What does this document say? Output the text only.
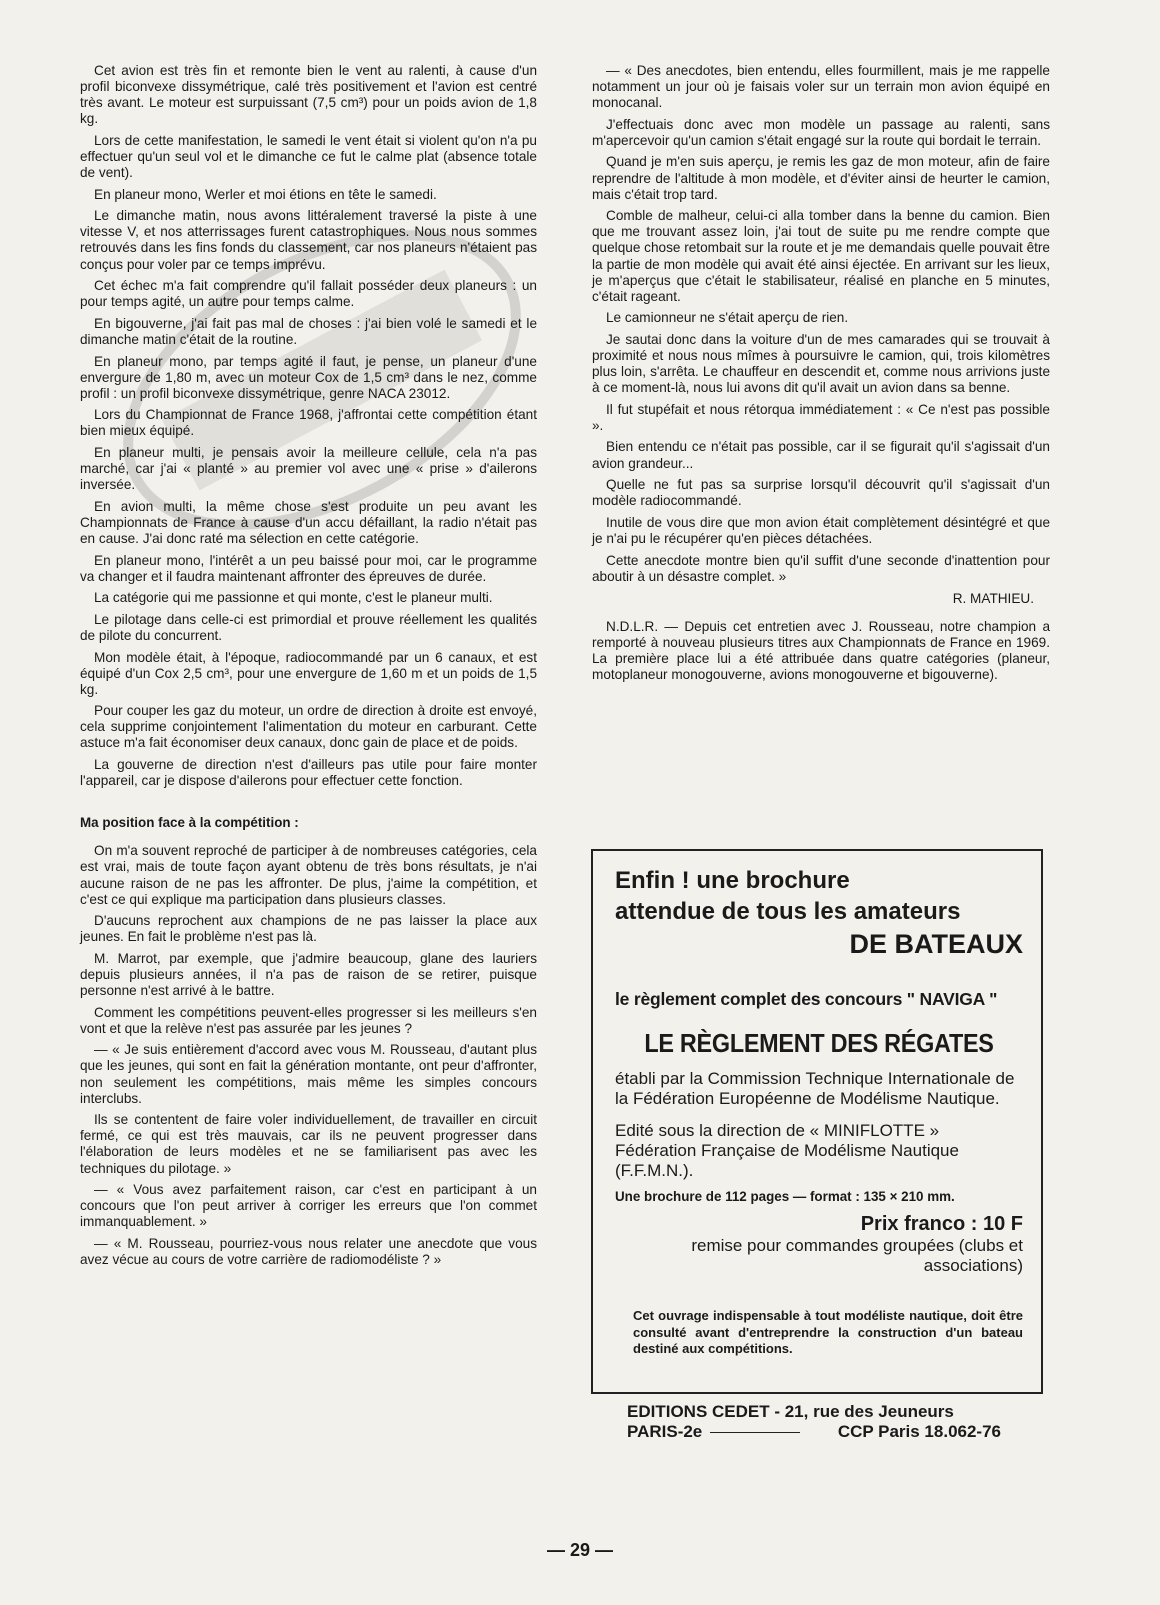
Cet avion est très fin et remonte bien le vent au ralenti, à cause d'un profil biconvexe dissymétrique, calé très positivement et l'avion est centré très avant. Le moteur est surpuissant (7,5 cm³) pour un poids avion de 1,8 kg.

Lors de cette manifestation, le samedi le vent était si violent qu'on n'a pu effectuer qu'un seul vol et le dimanche ce fut le calme plat (absence totale de vent).

En planeur mono, Werler et moi étions en tête le samedi.

Le dimanche matin, nous avons littéralement traversé la piste à une vitesse V, et nos atterrissages furent catastrophiques. Nous nous sommes retrouvés dans les fins fonds du classement, car nos planeurs n'étaient pas conçus pour voler par ce temps imprévu.

Cet échec m'a fait comprendre qu'il fallait posséder deux planeurs : un pour temps agité, un autre pour temps calme.

En bigouverne, j'ai fait pas mal de choses : j'ai bien volé le samedi et le dimanche matin c'était de la routine.

En planeur mono, par temps agité il faut, je pense, un planeur d'une envergure de 1,80 m, avec un moteur Cox de 1,5 cm³ dans le nez, comme profil : un profil biconvexe dissymétrique, genre NACA 23012.

Lors du Championnat de France 1968, j'affrontai cette compétition étant bien mieux équipé.

En planeur multi, je pensais avoir la meilleure cellule, cela n'a pas marché, car j'ai « planté » au premier vol avec une « prise » d'ailerons inversée.

En avion multi, la même chose s'est produite un peu avant les Championnats de France à cause d'un accu défaillant, la radio n'était pas en cause. J'ai donc raté ma sélection en cette catégorie.

En planeur mono, l'intérêt a un peu baissé pour moi, car le programme va changer et il faudra maintenant affronter des épreuves de durée.

La catégorie qui me passionne et qui monte, c'est le planeur multi.

Le pilotage dans celle-ci est primordial et prouve réellement les qualités de pilote du concurrent.

Mon modèle était, à l'époque, radiocommandé par un 6 canaux, et est équipé d'un Cox 2,5 cm³, pour une envergure de 1,60 m et un poids de 1,5 kg.

Pour couper les gaz du moteur, un ordre de direction à droite est envoyé, cela supprime conjointement l'alimentation du moteur en carburant. Cette astuce m'a fait économiser deux canaux, donc gain de place et de poids.

La gouverne de direction n'est d'ailleurs pas utile pour faire monter l'appareil, car je dispose d'ailerons pour effectuer cette fonction.

Ma position face à la compétition :

On m'a souvent reproché de participer à de nombreuses catégories, cela est vrai, mais de toute façon ayant obtenu de très bons résultats, je n'ai aucune raison de ne pas les affronter. De plus, j'aime la compétition, et c'est ce qui explique ma participation dans plusieurs classes.

D'aucuns reprochent aux champions de ne pas laisser la place aux jeunes. En fait le problème n'est pas là.

M. Marrot, par exemple, que j'admire beaucoup, glane des lauriers depuis plusieurs années, il n'a pas de raison de se retirer, puisque personne n'est arrivé à le battre.

Comment les compétitions peuvent-elles progresser si les meilleurs s'en vont et que la relève n'est pas assurée par les jeunes ?

— « Je suis entièrement d'accord avec vous M. Rousseau, d'autant plus que les jeunes, qui sont en fait la génération montante, ont peur d'affronter, non seulement les compétitions, mais même les simples concours interclubs.

Ils se contentent de faire voler individuellement, de travailler en circuit fermé, ce qui est très mauvais, car ils ne peuvent progresser dans l'élaboration de leurs modèles et ne se familiarisent pas avec les techniques du pilotage. »

— « Vous avez parfaitement raison, car c'est en participant à un concours que l'on peut arriver à corriger les erreurs que l'on commet immanquablement. »

— « M. Rousseau, pourriez-vous nous relater une anecdote que vous avez vécue au cours de votre carrière de radiomodéliste ? »

— « Des anecdotes, bien entendu, elles fourmillent, mais je me rappelle notamment un jour où je faisais voler sur un terrain mon avion équipé en monocanal.

J'effectuais donc avec mon modèle un passage au ralenti, sans m'apercevoir qu'un camion s'était engagé sur la route qui bordait le terrain.

Quand je m'en suis aperçu, je remis les gaz de mon moteur, afin de faire reprendre de l'altitude à mon modèle, et d'éviter ainsi de heurter le camion, mais c'était trop tard.

Comble de malheur, celui-ci alla tomber dans la benne du camion. Bien que me trouvant assez loin, j'ai tout de suite pu me rendre compte que quelque chose retombait sur la route et je me demandais quelle pouvait être la partie de mon modèle qui avait été ainsi éjectée. En arrivant sur les lieux, je m'aperçus que c'était le stabilisateur, réalisé en planche en 5 minutes, c'était rageant.

Le camionneur ne s'était aperçu de rien.

Je sautai donc dans la voiture d'un de mes camarades qui se trouvait à proximité et nous nous mîmes à poursuivre le camion, qui, trois kilomètres plus loin, s'arrêta. Le chauffeur en descendit et, comme nous arrivions juste à ce moment-là, nous lui avons dit qu'il avait un avion dans sa benne.

Il fut stupéfait et nous rétorqua immédiatement : « Ce n'est pas possible ».

Bien entendu ce n'était pas possible, car il se figurait qu'il s'agissait d'un avion grandeur...

Quelle ne fut pas sa surprise lorsqu'il découvrit qu'il s'agissait d'un modèle radiocommandé.

Inutile de vous dire que mon avion était complètement désintégré et que je n'ai pu le récupérer qu'en pièces détachées.

Cette anecdote montre bien qu'il suffit d'une seconde d'inattention pour aboutir à un désastre complet. »

R. MATHIEU.

N.D.L.R. — Depuis cet entretien avec J. Rousseau, notre champion a remporté à nouveau plusieurs titres aux Championnats de France en 1969. La première place lui a été attribuée dans quatre catégories (planeur, motoplaneur monogouverne, avions monogouverne et bigouverne).

Enfin ! une brochure
attendue de tous les amateurs
DE BATEAUX
le règlement complet des concours " NAVIGA "
LE RÈGLEMENT DES RÉGATES
établi par la Commission Technique Internationale de la Fédération Européenne de Modélisme Nautique.
Edité sous la direction de « MINIFLOTTE » Fédération Française de Modélisme Nautique (F.F.M.N.).
Une brochure de 112 pages — format : 135 × 210 mm.
Prix franco : 10 F
remise pour commandes groupées (clubs et associations)
Cet ouvrage indispensable à tout modéliste nautique, doit être consulté avant d'entreprendre la construction d'un bateau destiné aux compétitions.
EDITIONS CEDET - 21, rue des Jeuneurs
PARIS-2e	CCP Paris 18.062-76
— 29 —
